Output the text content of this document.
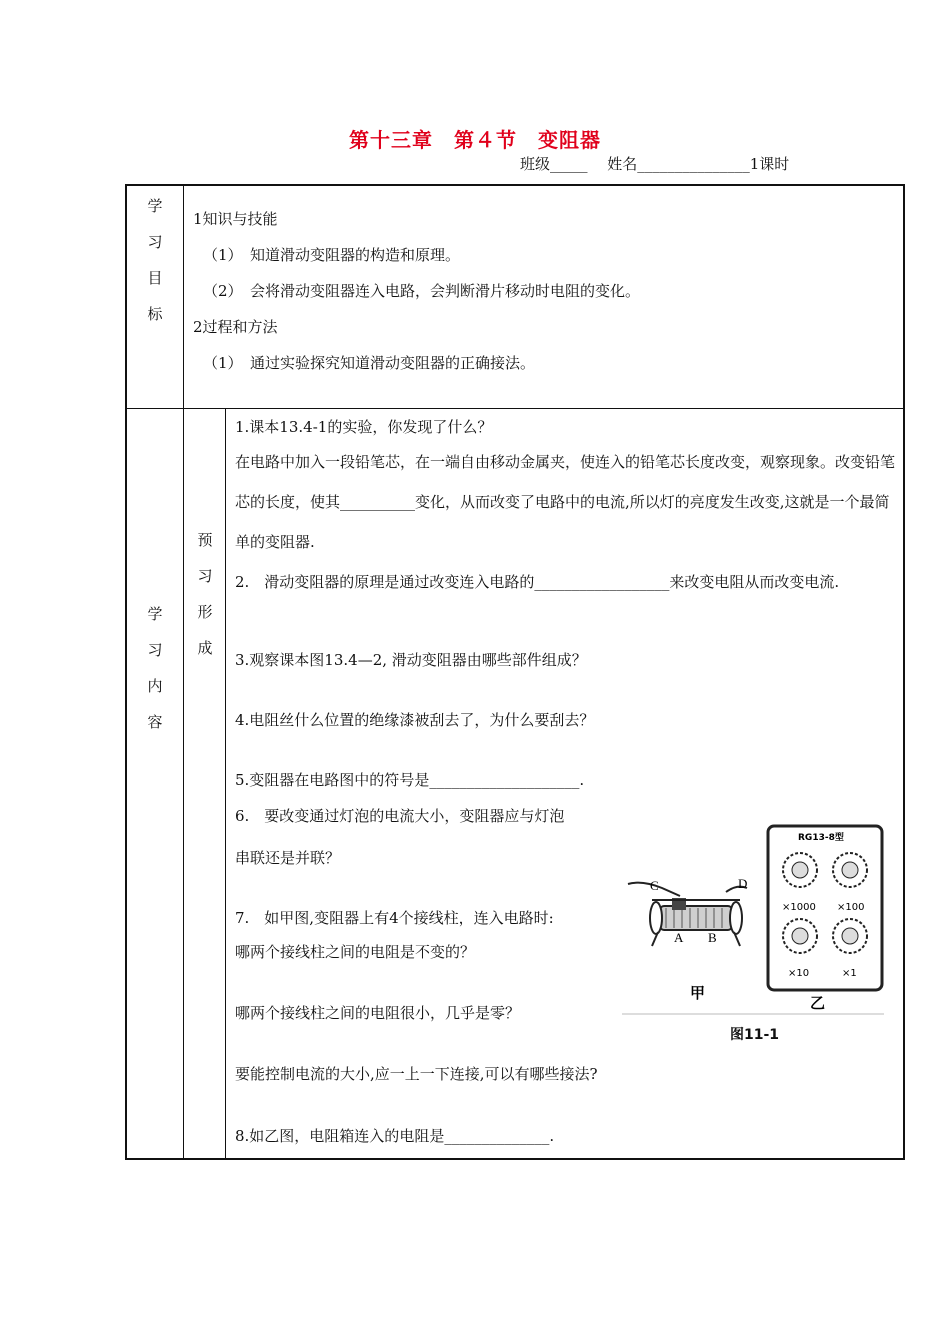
第十三章　第４节　变阻器
班级_____　 姓名_______________1课时
学
习
目
标
1知识与技能
（1）　知道滑动变阻器的构造和原理。
（2）　会将滑动变阻器连入电路，会判断滑片移动时电阻的变化。
2过程和方法
（1）　通过实验探究知道滑动变阻器的正确接法。
学
习
内
容
预
习
形
成
1.课本13.4-1的实验，你发现了什么？
在电路中加入一段铅笔芯，在一端自由移动金属夹，使连入的铅笔芯长度改变，观察现象。改变铅笔芯的长度，使其__________变化，从而改变了电路中的电流,所以灯的亮度发生改变,这就是一个最简单的变阻器.
2.　滑动变阻器的原理是通过改变连入电路的__________________来改变电阻从而改变电流.
3.观察课本图13.4—2, 滑动变阻器由哪些部件组成？
4.电阻丝什么位置的绝缘漆被刮去了，为什么要刮去？
5.变阻器在电路图中的符号是____________________.
6.　要改变通过灯泡的电流大小，变阻器应与灯泡
串联还是并联？
7.　如甲图,变阻器上有4个接线柱，连入电路时:
哪两个接线柱之间的电阻是不变的？
哪两个接线柱之间的电阻很小，几乎是零？
要能控制电流的大小,应一上一下连接,可以有哪些接法?
8.如乙图，电阻箱连入的电阻是______________.
C	D
A B
甲
RG13-8型
×1000 ×100
×10	×1
乙
图11-1
